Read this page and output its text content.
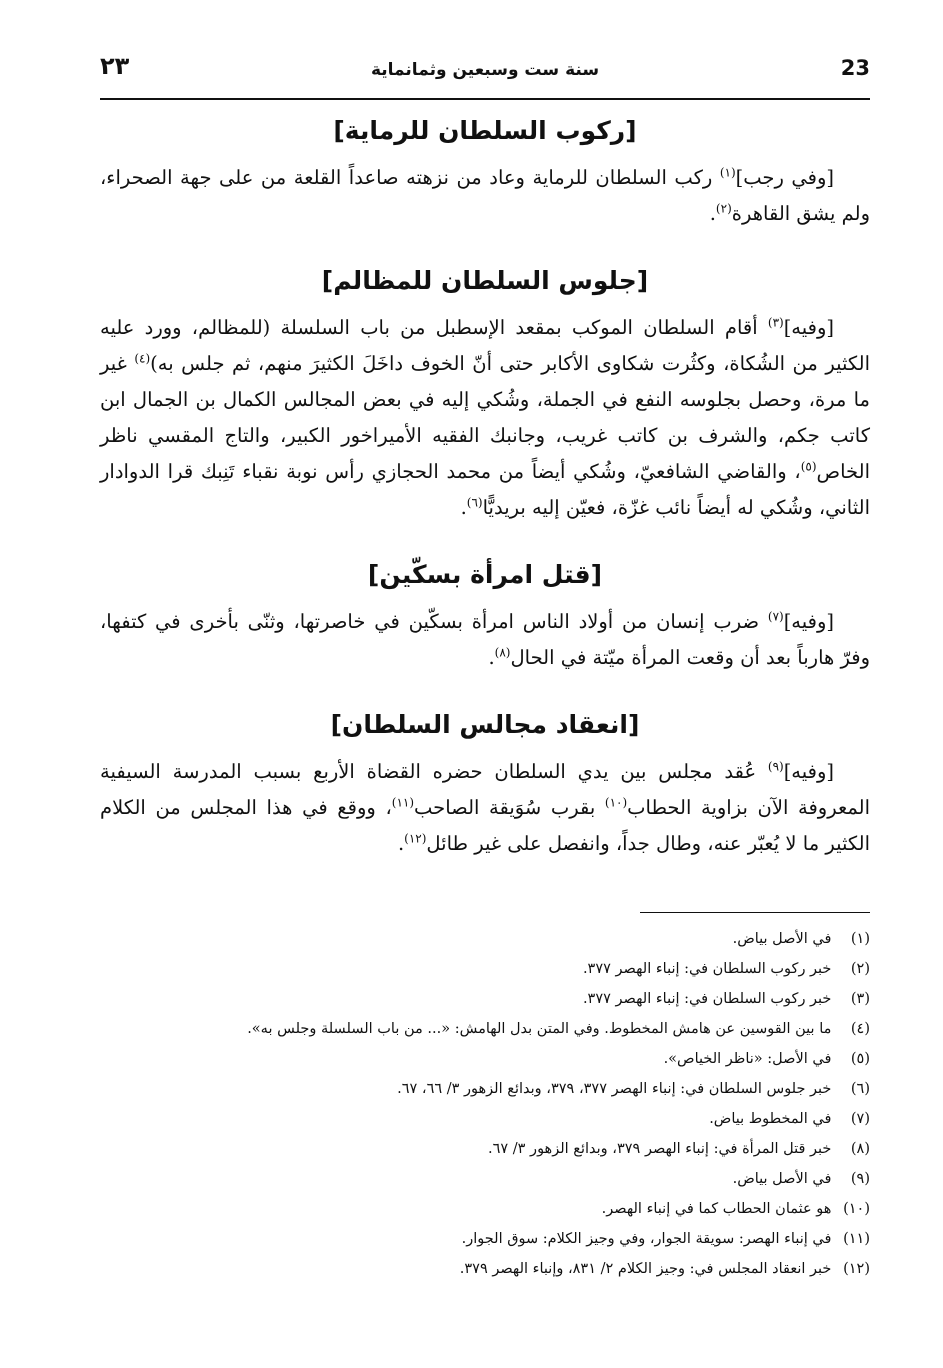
٢٣	سنة ست وسبعين وثمانماية	23
[ركوب السلطان للرماية]

[وفي رجب]$^{(١)}$ ركب السلطان للرماية وعاد من نزهته صاعداً القلعة من على جهة الصحراء، ولم يشق القاهرة$^{(٢)}$.

[جلوس السلطان للمظالم]

[وفيه]$^{(٣)}$ أقام السلطان الموكب بمقعد الإسطبل من باب السلسلة (للمظالم، وورد عليه الكثير من الشُكاة، وكثُرت شكاوى الأكابر حتى أنّ الخوف داخَلَ الكثيرَ منهم، ثم جلس به)$^{(٤)}$ غير ما مرة، وحصل بجلوسه النفع في الجملة، وشُكي إليه في بعض المجالس الكمال بن الجمال ابن كاتب جكم، والشرف بن كاتب غريب، وجانبك الفقيه الأميراخور الكبير، والتاج المقسي ناظر الخاص$^{(٥)}$، والقاضي الشافعيّ، وشُكي أيضاً من محمد الحجازي رأس نوبة نقباء تَنِبك قرا الدوادار الثاني، وشُكي له أيضاً نائب غزّة، فعيّن إليه بريديًّا$^{(٦)}$.

[قتل امرأة بسكّين]

[وفيه]$^{(٧)}$ ضرب إنسان من أولاد الناس امرأة بسكّين في خاصرتها، وثنّى بأخرى في كتفها، وفرّ هارباً بعد أن وقعت المرأة ميّتة في الحال$^{(٨)}$.

[انعقاد مجالس السلطان]

[وفيه]$^{(٩)}$ عُقد مجلس بين يدي السلطان حضره القضاة الأربع بسبب المدرسة السيفية المعروفة الآن بزاوية الحطاب$^{(١٠)}$ بقرب سُوَيقة الصاحب$^{(١١)}$، ووقع في هذا المجلس من الكلام الكثير ما لا يُعبّر عنه، وطال جداً، وانفصل على غير طائل$^{(١٢)}$.

(١) في الأصل بياض.
(٢) خبر ركوب السلطان في: إنباء الهصر ٣٧٧.
(٣) خبر ركوب السلطان في: إنباء الهصر ٣٧٧.
(٤) ما بين القوسين عن هامش المخطوط. وفي المتن بدل الهامش: «... من باب السلسلة وجلس به».
(٥) في الأصل: «ناظر الخياص».
(٦) خبر جلوس السلطان في: إنباء الهصر ٣٧٧، ٣٧٩، وبدائع الزهور ٣/ ٦٦، ٦٧.
(٧) في المخطوط بياض.
(٨) خبر قتل المرأة في: إنباء الهصر ٣٧٩، وبدائع الزهور ٣/ ٦٧.
(٩) في الأصل بياض.
(١٠) هو عثمان الحطاب كما في إنباء الهصر.
(١١) في إنباء الهصر: سويقة الجوار، وفي وجيز الكلام: سوق الجوار.
(١٢) خبر انعقاد المجلس في: وجيز الكلام ٢/ ٨٣١، وإنباء الهصر ٣٧٩.
